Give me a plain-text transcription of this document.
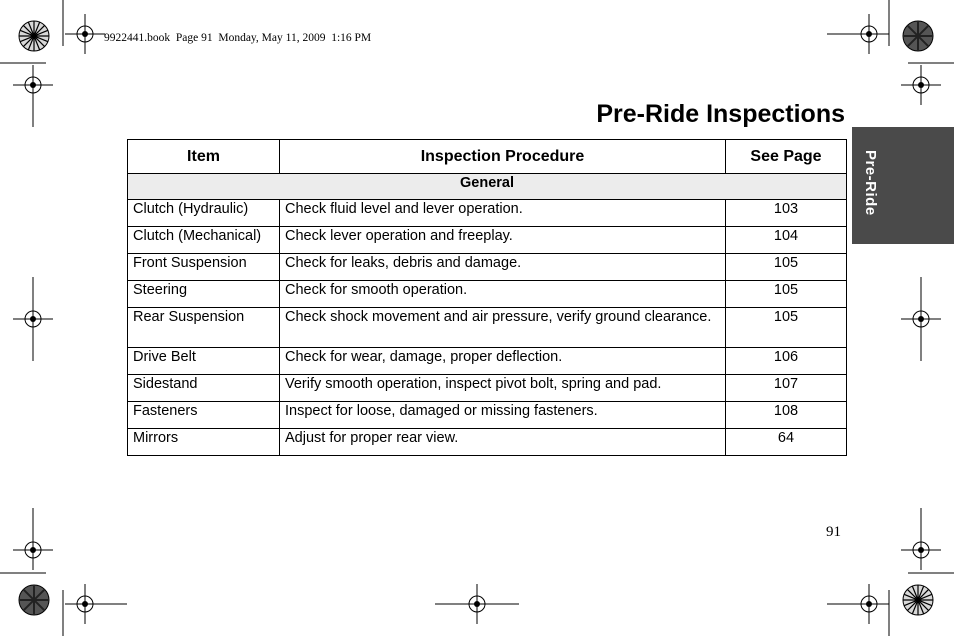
9922441.book  Page 91  Monday, May 11, 2009  1:16 PM
Pre-Ride Inspections
Pre-Ride
Item	Inspection Procedure	See Page
General		
Clutch (Hydraulic)	Check fluid level and lever operation.	103
Clutch (Mechanical)	Check lever operation and freeplay.	104
Front Suspension	Check for leaks, debris and damage.	105
Steering	Check for smooth operation.	105
Rear Suspension	Check shock movement and air pressure, verify ground clearance.	105
Drive Belt	Check for wear, damage, proper deflection.	106
Sidestand	Verify smooth operation, inspect pivot bolt, spring and pad.	107
Fasteners	Inspect for loose, damaged or missing fasteners.	108
Mirrors	Adjust for proper rear view.	64
91
